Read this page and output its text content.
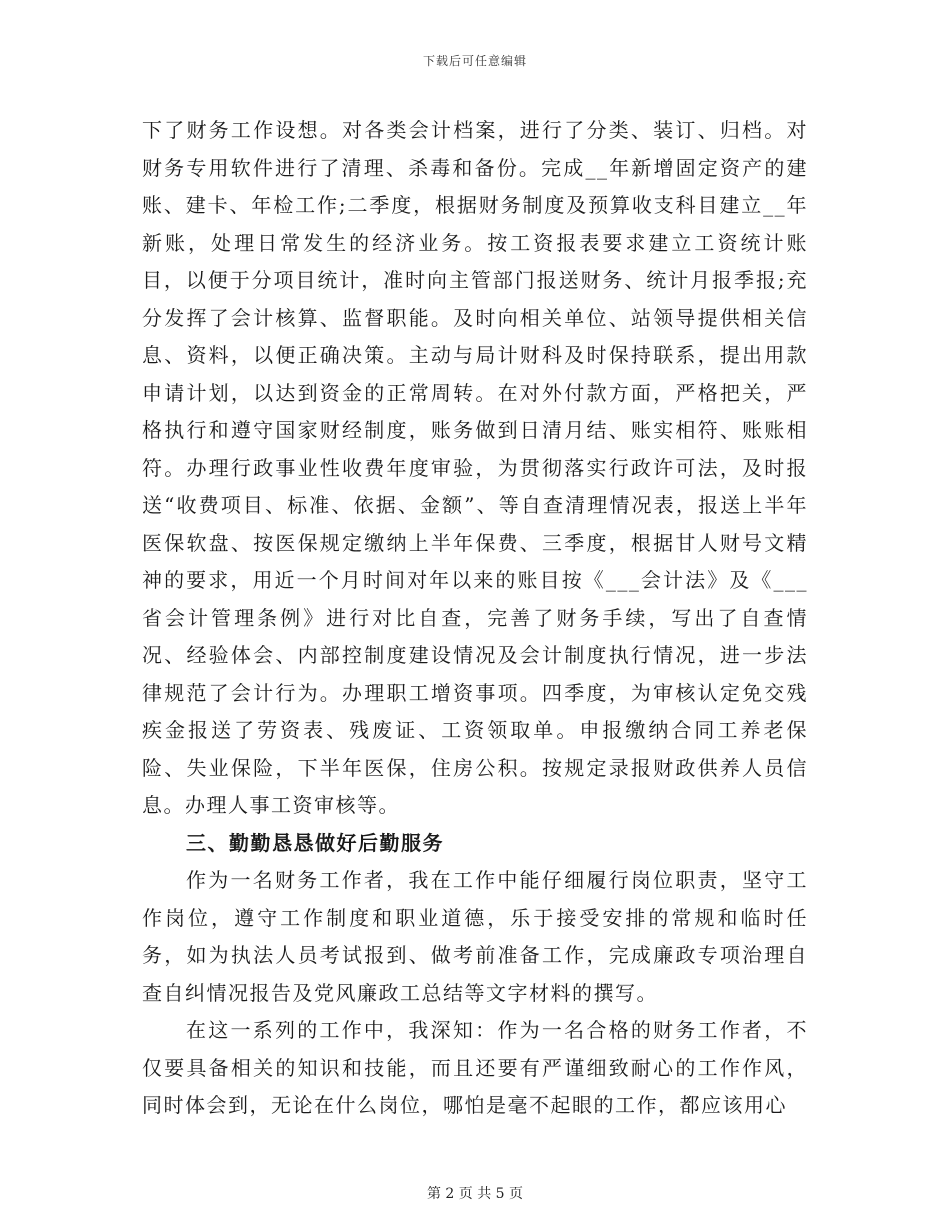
下载后可任意编辑

下了财务工作设想。对各类会计档案，进行了分类、装订、归档。对财务专用软件进行了清理、杀毒和备份。完成__年新增固定资产的建账、建卡、年检工作;二季度，根据财务制度及预算收支科目建立__年新账，处理日常发生的经济业务。按工资报表要求建立工资统计账目，以便于分项目统计，准时向主管部门报送财务、统计月报季报;充分发挥了会计核算、监督职能。及时向相关单位、站领导提供相关信息、资料，以便正确决策。主动与局计财科及时保持联系，提出用款申请计划，以达到资金的正常周转。在对外付款方面，严格把关，严格执行和遵守国家财经制度，账务做到日清月结、账实相符、账账相符。办理行政事业性收费年度审验，为贯彻落实行政许可法，及时报送“收费项目、标准、依据、金额”、等自查清理情况表，报送上半年医保软盘、按医保规定缴纳上半年保费、三季度，根据甘人财号文精神的要求，用近一个月时间对年以来的账目按《___会计法》及《___省会计管理条例》进行对比自查，完善了财务手续，写出了自查情况、经验体会、内部控制度建设情况及会计制度执行情况，进一步法律规范了会计行为。办理职工增资事项。四季度，为审核认定免交残疾金报送了劳资表、残废证、工资领取单。申报缴纳合同工养老保险、失业保险，下半年医保，住房公积。按规定录报财政供养人员信息。办理人事工资审核等。

三、勤勤恳恳做好后勤服务

作为一名财务工作者，我在工作中能仔细履行岗位职责，坚守工作岗位，遵守工作制度和职业道德，乐于接受安排的常规和临时任务，如为执法人员考试报到、做考前准备工作，完成廉政专项治理自查自纠情况报告及党风廉政工总结等文字材料的撰写。

在这一系列的工作中，我深知：作为一名合格的财务工作者，不仅要具备相关的知识和技能，而且还要有严谨细致耐心的工作作风，同时体会到，无论在什么岗位，哪怕是毫不起眼的工作，都应该用心

第 2 页 共 5 页
